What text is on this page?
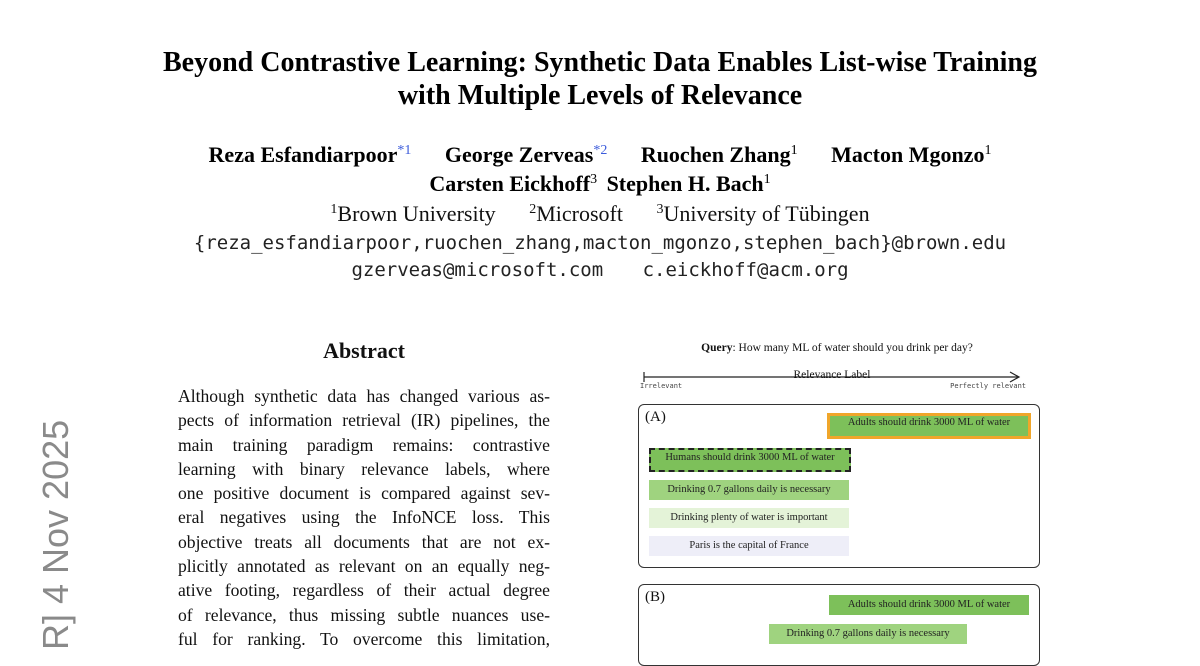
Beyond Contrastive Learning: Synthetic Data Enables List-wise Training
with Multiple Levels of Relevance
Reza Esfandiarpoor$^{*1}$ George Zerveas$^{*2}$ Ruochen Zhang$^1$ Macton Mgonzo$^1$
Carsten Eickhoff$^3$ Stephen H. Bach$^1$
$^1$Brown University $^2$Microsoft $^3$University of Tübingen
{reza_esfandiarpoor,ruochen_zhang,macton_mgonzo,stephen_bach}@brown.edu
gzerveas@microsoft.com c.eickhoff@acm.org
R] 4 Nov 2025
Abstract
Although synthetic data has changed various as-
pects of information retrieval (IR) pipelines, the
main training paradigm remains: contrastive
learning with binary relevance labels, where
one positive document is compared against sev-
eral negatives using the InfoNCE loss. This
objective treats all documents that are not ex-
plicitly annotated as relevant on an equally neg-
ative footing, regardless of their actual degree
of relevance, thus missing subtle nuances use-
ful for ranking. To overcome this limitation,
Query: How many ML of water should you drink per day?
Irrelevant
Relevance Label
Perfectly relevant
(A)	Adults should drink 3000 ML of water
Humans should drink 3000 ML of water
Drinking 0.7 gallons daily is necessary
Drinking plenty of water is important
Paris is the capital of France
(B)	Adults should drink 3000 ML of water
Drinking 0.7 gallons daily is necessary
